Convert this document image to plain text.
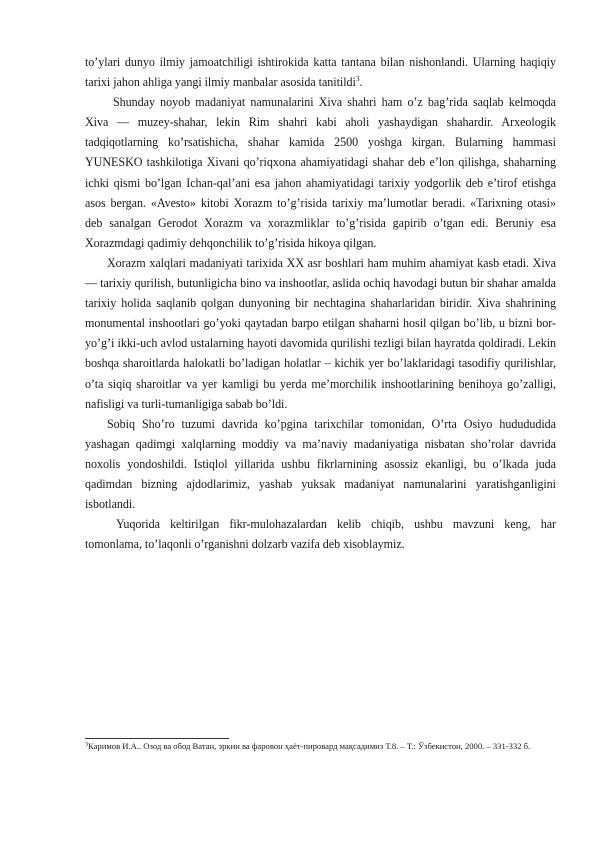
to’ylari dunyo ilmiy jamoatchiligi ishtirokida katta tantana bilan nishonlandi. Ularning haqiqiy tarixi jahon ahliga yangi ilmiy manbalar asosida tanitildi$^3$.

Shunday noyob madaniyat namunalarini Xiva shahri ham o’z bag’rida saqlab kelmoqda Xiva — muzey-shahar, lekin Rim shahri kabi aholi yashaydigan shahardir. Arxeologik tadqiqotlarning ko’rsatishicha, shahar kamida 2500 yoshga kirgan. Bularning hammasi YUNESKO tashkilotiga Xivani qo’riqxona ahamiyatidagi shahar deb e’lon qilishga, shaharning ichki qismi bo’lgan Ichan-qal’ani esa jahon ahamiyatidagi tarixiy yodgorlik deb e’tirof etishga asos bergan. «Avesto» kitobi Xorazm to’g’risida tarixiy ma’lumotlar beradi. «Tarixning otasi» deb sanalgan Gerodot Xorazm va xorazmliklar to’g’risida gapirib o’tgan edi. Beruniy esa Xorazmdagi qadimiy dehqonchilik to’g’risida hikoya qilgan.

Xorazm xalqlari madaniyati tarixida XX asr boshlari ham muhim ahamiyat kasb etadi. Xiva — tarixiy qurilish, butunligicha bino va inshootlar, aslida ochiq havodagi butun bir shahar amalda tarixiy holida saqlanib qolgan dunyoning bir nechtagina shaharlaridan biridir. Xiva shahrining monumental inshootlari go’yoki qaytadan barpo etilgan shaharni hosil qilgan bo’lib, u bizni bor-yo’g’i ikki-uch avlod ustalarning hayoti davomida qurilishi tezligi bilan hayratda qoldiradi. Lekin boshqa sharoitlarda halokatli bo’ladigan holatlar – kichik yer bo’laklaridagi tasodifiy qurilishlar, o’ta siqiq sharoitlar va yer kamligi bu yerda me’morchilik inshootlarining benihoya go’zalligi, nafisligi va turli-tumanligiga sabab bo’ldi.

Sobiq Sho’ro tuzumi davrida ko’pgina tarixchilar tomonidan, O’rta Osiyo hudududida yashagan qadimgi xalqlarning moddiy va ma’naviy madaniyatiga nisbatan sho’rolar davrida noxolis yondoshildi. Istiqlol yillarida ushbu fikrlarnining asossiz ekanligi, bu o’lkada juda qadimdan bizning ajdodlarimiz, yashab yuksak madaniyat namunalarini yaratishganligini isbotlandi.

Yuqorida keltirilgan fikr-mulohazalardan kelib chiqib, ushbu mavzuni keng, har tomonlama, to’laqonli o’rganishni dolzarb vazifa deb xisoblaymiz.

$^3$Каримов И.А.. Озод ва обод Ватан, эркин ва фаровон ҳаёт-пировард мақсадимиз Т.8. – Т.: Ўзбекистон, 2000. – 331-332 б.
